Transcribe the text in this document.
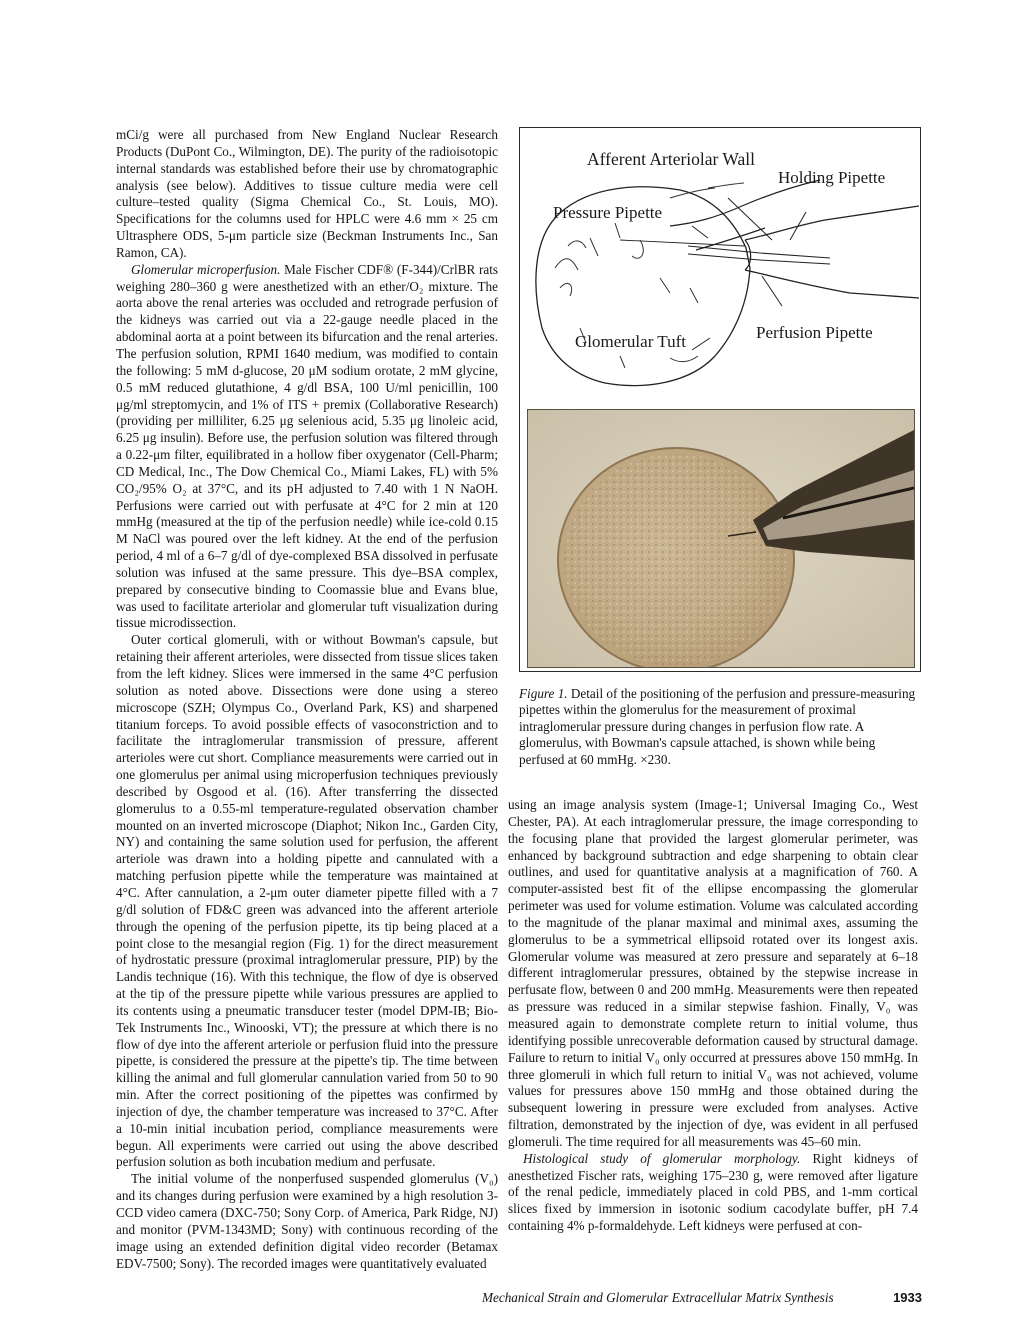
mCi/g were all purchased from New England Nuclear Research Products (DuPont Co., Wilmington, DE). The purity of the radioisotopic internal standards was established before their use by chromatographic analysis (see below). Additives to tissue culture media were cell culture–tested quality (Sigma Chemical Co., St. Louis, MO). Specifications for the columns used for HPLC were 4.6 mm × 25 cm Ultrasphere ODS, 5-μm particle size (Beckman Instruments Inc., San Ramon, CA).

Glomerular microperfusion. Male Fischer CDF® (F-344)/CrlBR rats weighing 280–360 g were anesthetized with an ether/O₂ mixture. The aorta above the renal arteries was occluded and retrograde perfusion of the kidneys was carried out via a 22-gauge needle placed in the abdominal aorta at a point between its bifurcation and the renal arteries. The perfusion solution, RPMI 1640 medium, was modified to contain the following: 5 mM d-glucose, 20 μM sodium orotate, 2 mM glycine, 0.5 mM reduced glutathione, 4 g/dl BSA, 100 U/ml penicillin, 100 μg/ml streptomycin, and 1% of ITS + premix (Collaborative Research) (providing per milliliter, 6.25 μg selenious acid, 5.35 μg linoleic acid, 6.25 μg insulin). Before use, the perfusion solution was filtered through a 0.22-μm filter, equilibrated in a hollow fiber oxygenator (Cell-Pharm; CD Medical, Inc., The Dow Chemical Co., Miami Lakes, FL) with 5% CO₂/95% O₂ at 37°C, and its pH adjusted to 7.40 with 1 N NaOH. Perfusions were carried out with perfusate at 4°C for 2 min at 120 mmHg (measured at the tip of the perfusion needle) while ice-cold 0.15 M NaCl was poured over the left kidney. At the end of the perfusion period, 4 ml of a 6–7 g/dl of dye-complexed BSA dissolved in perfusate solution was infused at the same pressure. This dye–BSA complex, prepared by consecutive binding to Coomassie blue and Evans blue, was used to facilitate arteriolar and glomerular tuft visualization during tissue microdissection.

Outer cortical glomeruli, with or without Bowman's capsule, but retaining their afferent arterioles, were dissected from tissue slices taken from the left kidney. Slices were immersed in the same 4°C perfusion solution as noted above. Dissections were done using a stereo microscope (SZH; Olympus Co., Overland Park, KS) and sharpened titanium forceps. To avoid possible effects of vasoconstriction and to facilitate the intraglomerular transmission of pressure, afferent arterioles were cut short. Compliance measurements were carried out in one glomerulus per animal using microperfusion techniques previously described by Osgood et al. (16). After transferring the dissected glomerulus to a 0.55-ml temperature-regulated observation chamber mounted on an inverted microscope (Diaphot; Nikon Inc., Garden City, NY) and containing the same solution used for perfusion, the afferent arteriole was drawn into a holding pipette and cannulated with a matching perfusion pipette while the temperature was maintained at 4°C. After cannulation, a 2-μm outer diameter pipette filled with a 7 g/dl solution of FD&C green was advanced into the afferent arteriole through the opening of the perfusion pipette, its tip being placed at a point close to the mesangial region (Fig. 1) for the direct measurement of hydrostatic pressure (proximal intraglomerular pressure, PIP) by the Landis technique (16). With this technique, the flow of dye is observed at the tip of the pressure pipette while various pressures are applied to its contents using a pneumatic transducer tester (model DPM-IB; Bio-Tek Instruments Inc., Winooski, VT); the pressure at which there is no flow of dye into the afferent arteriole or perfusion fluid into the pressure pipette, is considered the pressure at the pipette's tip. The time between killing the animal and full glomerular cannulation varied from 50 to 90 min. After the correct positioning of the pipettes was confirmed by injection of dye, the chamber temperature was increased to 37°C. After a 10-min initial incubation period, compliance measurements were begun. All experiments were carried out using the above described perfusion solution as both incubation medium and perfusate.

The initial volume of the nonperfused suspended glomerulus (V₀) and its changes during perfusion were examined by a high resolution 3-CCD video camera (DXC-750; Sony Corp. of America, Park Ridge, NJ) and monitor (PVM-1343MD; Sony) with continuous recording of the image using an extended definition digital video recorder (Betamax EDV-7500; Sony). The recorded images were quantitatively evaluated

Afferent Arteriolar Wall
Holding Pipette
Pressure Pipette
Perfusion Pipette
Glomerular Tuft
Figure 1. Detail of the positioning of the perfusion and pressure-measuring pipettes within the glomerulus for the measurement of proximal intraglomerular pressure during changes in perfusion flow rate. A glomerulus, with Bowman's capsule attached, is shown while being perfused at 60 mmHg. ×230.

using an image analysis system (Image-1; Universal Imaging Co., West Chester, PA). At each intraglomerular pressure, the image corresponding to the focusing plane that provided the largest glomerular perimeter, was enhanced by background subtraction and edge sharpening to obtain clear outlines, and used for quantitative analysis at a magnification of 760. A computer-assisted best fit of the ellipse encompassing the glomerular perimeter was used for volume estimation. Volume was calculated according to the magnitude of the planar maximal and minimal axes, assuming the glomerulus to be a symmetrical ellipsoid rotated over its longest axis. Glomerular volume was measured at zero pressure and separately at 6–18 different intraglomerular pressures, obtained by the stepwise increase in perfusate flow, between 0 and 200 mmHg. Measurements were then repeated as pressure was reduced in a similar stepwise fashion. Finally, V₀ was measured again to demonstrate complete return to initial volume, thus identifying possible unrecoverable deformation caused by structural damage. Failure to return to initial V₀ only occurred at pressures above 150 mmHg. In three glomeruli in which full return to initial V₀ was not achieved, volume values for pressures above 150 mmHg and those obtained during the subsequent lowering in pressure were excluded from analyses. Active filtration, demonstrated by the injection of dye, was evident in all perfused glomeruli. The time required for all measurements was 45–60 min.

Histological study of glomerular morphology. Right kidneys of anesthetized Fischer rats, weighing 175–230 g, were removed after ligature of the renal pedicle, immediately placed in cold PBS, and 1-mm cortical slices fixed by immersion in isotonic sodium cacodylate buffer, pH 7.4 containing 4% p-formaldehyde. Left kidneys were perfused at con-

Mechanical Strain and Glomerular Extracellular Matrix Synthesis	1933
